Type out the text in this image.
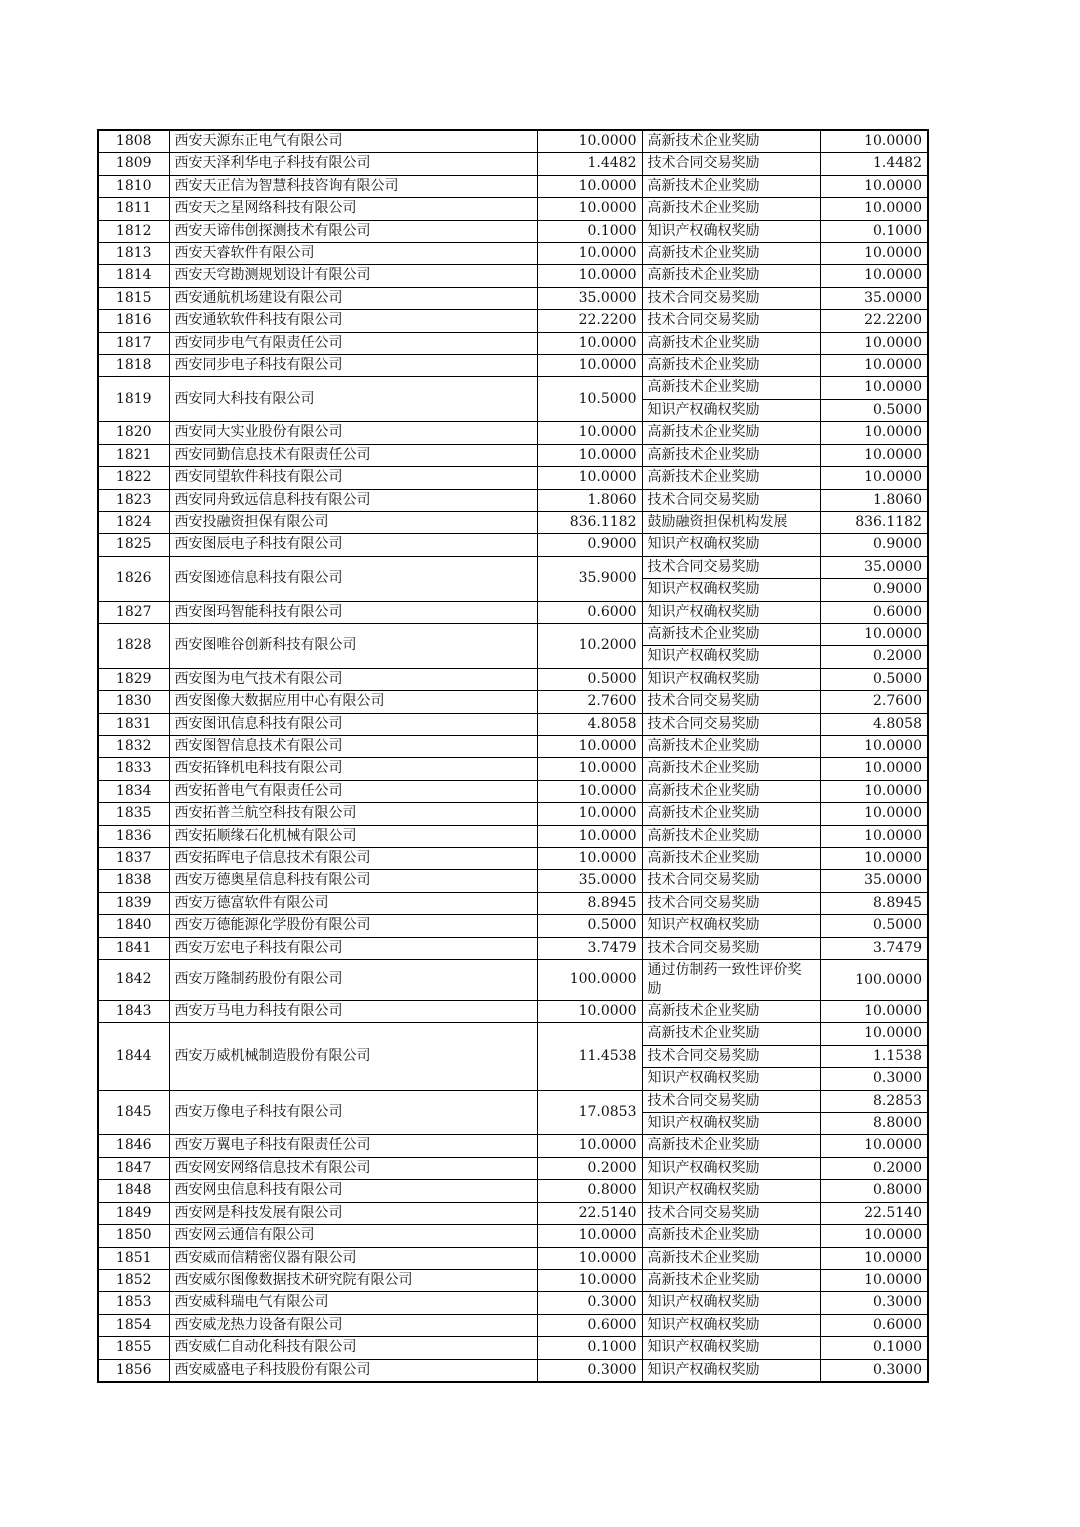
1808	西安天源东正电气有限公司	10.0000	高新技术企业奖励	10.0000
1809	西安天泽利华电子科技有限公司	1.4482	技术合同交易奖励	1.4482
1810	西安天正信为智慧科技咨询有限公司	10.0000	高新技术企业奖励	10.0000
1811	西安天之星网络科技有限公司	10.0000	高新技术企业奖励	10.0000
1812	西安天谛伟创探测技术有限公司	0.1000	知识产权确权奖励	0.1000
1813	西安天睿软件有限公司	10.0000	高新技术企业奖励	10.0000
1814	西安天穹勘测规划设计有限公司	10.0000	高新技术企业奖励	10.0000
1815	西安通航机场建设有限公司	35.0000	技术合同交易奖励	35.0000
1816	西安通软软件科技有限公司	22.2200	技术合同交易奖励	22.2200
1817	西安同步电气有限责任公司	10.0000	高新技术企业奖励	10.0000
1818	西安同步电子科技有限公司	10.0000	高新技术企业奖励	10.0000
1819	西安同大科技有限公司	10.5000	高新技术企业奖励	10.0000
			知识产权确权奖励	0.5000
1820	西安同大实业股份有限公司	10.0000	高新技术企业奖励	10.0000
1821	西安同勤信息技术有限责任公司	10.0000	高新技术企业奖励	10.0000
1822	西安同望软件科技有限公司	10.0000	高新技术企业奖励	10.0000
1823	西安同舟致远信息科技有限公司	1.8060	技术合同交易奖励	1.8060
1824	西安投融资担保有限公司	836.1182	鼓励融资担保机构发展	836.1182
1825	西安图辰电子科技有限公司	0.9000	知识产权确权奖励	0.9000
1826	西安图迹信息科技有限公司	35.9000	技术合同交易奖励	35.0000
			知识产权确权奖励	0.9000
1827	西安图玛智能科技有限公司	0.6000	知识产权确权奖励	0.6000
1828	西安图唯谷创新科技有限公司	10.2000	高新技术企业奖励	10.0000
			知识产权确权奖励	0.2000
1829	西安图为电气技术有限公司	0.5000	知识产权确权奖励	0.5000
1830	西安图像大数据应用中心有限公司	2.7600	技术合同交易奖励	2.7600
1831	西安图讯信息科技有限公司	4.8058	技术合同交易奖励	4.8058
1832	西安图智信息技术有限公司	10.0000	高新技术企业奖励	10.0000
1833	西安拓锋机电科技有限公司	10.0000	高新技术企业奖励	10.0000
1834	西安拓普电气有限责任公司	10.0000	高新技术企业奖励	10.0000
1835	西安拓普兰航空科技有限公司	10.0000	高新技术企业奖励	10.0000
1836	西安拓顺缘石化机械有限公司	10.0000	高新技术企业奖励	10.0000
1837	西安拓晖电子信息技术有限公司	10.0000	高新技术企业奖励	10.0000
1838	西安万德奥星信息科技有限公司	35.0000	技术合同交易奖励	35.0000
1839	西安万德富软件有限公司	8.8945	技术合同交易奖励	8.8945
1840	西安万德能源化学股份有限公司	0.5000	知识产权确权奖励	0.5000
1841	西安万宏电子科技有限公司	3.7479	技术合同交易奖励	3.7479
1842	西安万隆制药股份有限公司	100.0000	通过仿制药一致性评价奖励	100.0000
1843	西安万马电力科技有限公司	10.0000	高新技术企业奖励	10.0000
1844	西安万威机械制造股份有限公司	11.4538	高新技术企业奖励	10.0000
			技术合同交易奖励	1.1538
			知识产权确权奖励	0.3000
1845	西安万像电子科技有限公司	17.0853	技术合同交易奖励	8.2853
			知识产权确权奖励	8.8000
1846	西安万翼电子科技有限责任公司	10.0000	高新技术企业奖励	10.0000
1847	西安网安网络信息技术有限公司	0.2000	知识产权确权奖励	0.2000
1848	西安网虫信息科技有限公司	0.8000	知识产权确权奖励	0.8000
1849	西安网是科技发展有限公司	22.5140	技术合同交易奖励	22.5140
1850	西安网云通信有限公司	10.0000	高新技术企业奖励	10.0000
1851	西安威而信精密仪器有限公司	10.0000	高新技术企业奖励	10.0000
1852	西安威尔图像数据技术研究院有限公司	10.0000	高新技术企业奖励	10.0000
1853	西安威科瑞电气有限公司	0.3000	知识产权确权奖励	0.3000
1854	西安威龙热力设备有限公司	0.6000	知识产权确权奖励	0.6000
1855	西安威仁自动化科技有限公司	0.1000	知识产权确权奖励	0.1000
1856	西安威盛电子科技股份有限公司	0.3000	知识产权确权奖励	0.3000
